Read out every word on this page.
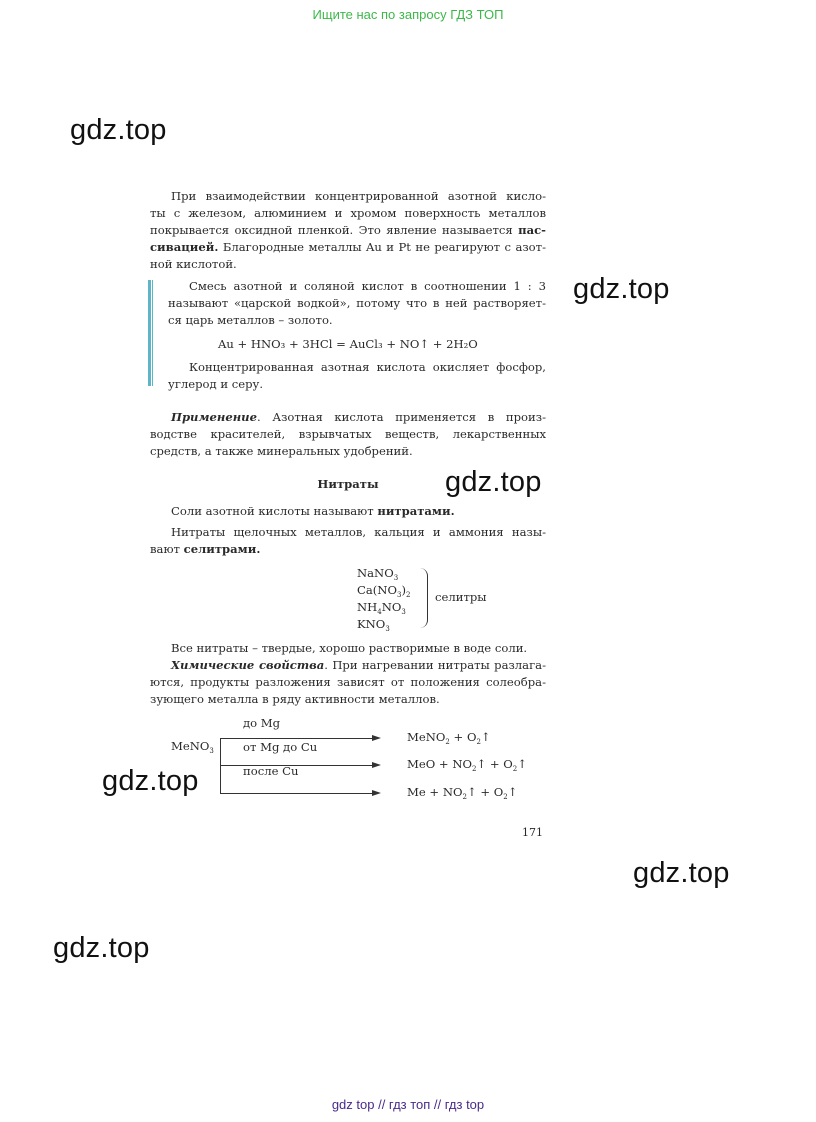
Ищите нас по запросу ГДЗ ТОП
gdz.top
gdz.top
gdz.top
gdz.top
gdz.top
gdz.top
При взаимодействии концентрированной азотной кисло-
ты с железом, алюминием и хромом поверхность металлов
покрывается оксидной пленкой. Это явление называется пас-
сивацией. Благородные металлы Au и Pt не реагируют с азот-
ной кислотой.
Смесь азотной и соляной кислот в соотношении 1 : 3
называют «царской водкой», потому что в ней растворяет-
ся царь металлов – золото.
Au + HNO₃ + 3HCl = AuCl₃ + NO↑ + 2H₂O
Концентрированная азотная кислота окисляет фосфор,
углерод и серу.
Применение. Азотная кислота применяется в произ-
водстве красителей, взрывчатых веществ, лекарственных
средств, а также минеральных удобрений.
Нитраты
Соли азотной кислоты называют нитратами.
Нитраты щелочных металлов, кальция и аммония назы-
вают селитрами.
NaNO$_3$
$Ca(NO_3)_2$
$NH_4NO_3$
$KNO_3$
селитры
Все нитраты – твердые, хорошо растворимые в воде соли.
Химические свойства. При нагревании нитраты разлага-
ются, продукты разложения зависят от положения солеобра-
зующего металла в ряду активности металлов.
MeNO$_3$
до Mg
от Mg до Cu
после Cu
MeNO$_2$ + $O_2↑$
MeO + $NO_2↑$ + $O_2↑$
$Me + NO_2↑$ + $O_2↑$
171
gdz top // гдз топ // гдз top
